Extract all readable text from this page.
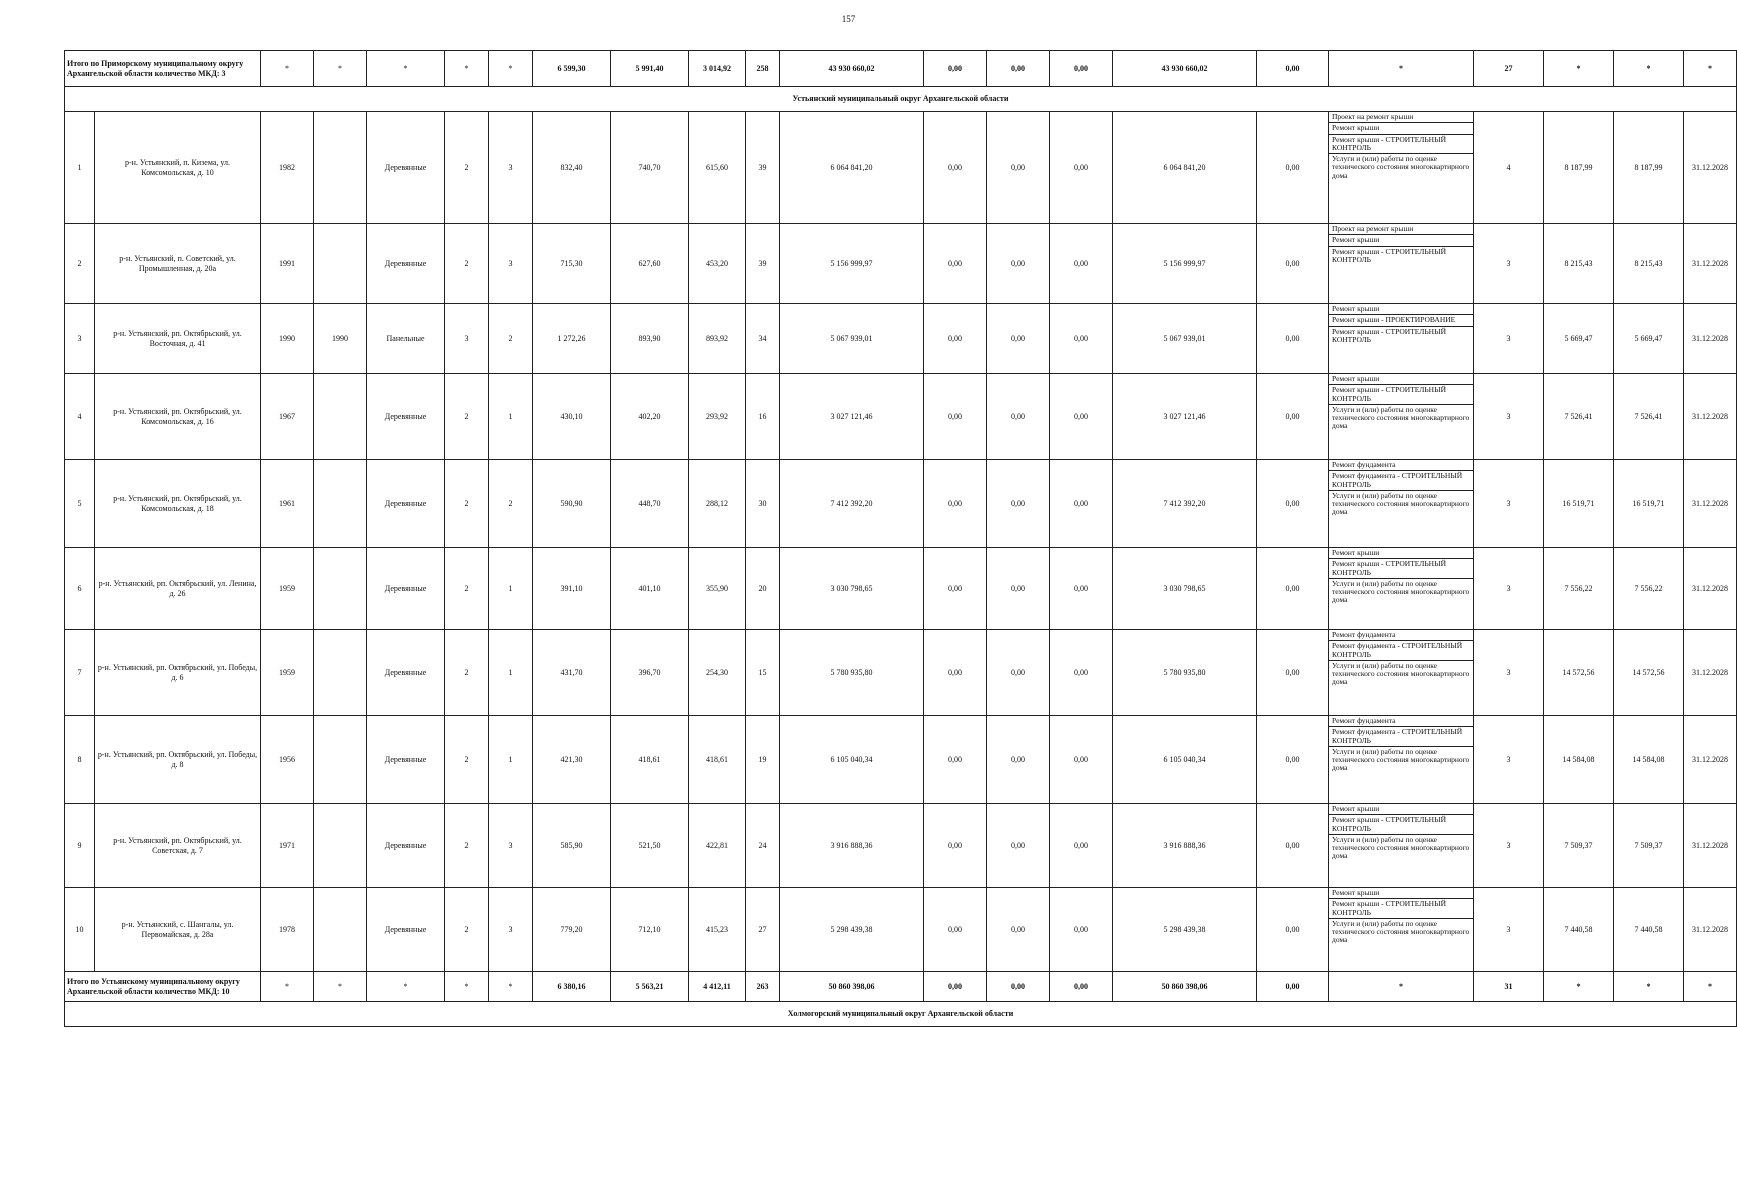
157
Итого по Приморскому муниципальному округу Архангельской области количество МКД: 3		*	*	*	*	*	6 599,30	5 991,40	3 014,92	258	43 930 660,02	0,00	0,00	0,00	43 930 660,02	0,00	*	27	*	*	*
Устьянский муниципальный округ Архангельской области																					
1	р-н. Устьянский, п. Кизема, ул. Комсомольская, д. 10	1982		Деревянные	2	3	832,40	740,70	615,60	39	6 064 841,20	0,00	0,00	0,00	6 064 841,20	0,00	Проект на ремонт крыши
Ремонт крыши
Ремонт крыши - СТРОИТЕЛЬНЫЙ КОНТРОЛЬ
Услуги и (или) работы по оценке технического состояния многоквартирного дома	4	8 187,99	8 187,99	31.12.2028
2	р-н. Устьянский, п. Советский, ул. Промышленная, д. 20а	1991		Деревянные	2	3	715,30	627,60	453,20	39	5 156 999,97	0,00	0,00	0,00	5 156 999,97	0,00	Проект на ремонт крыши
Ремонт крыши
Ремонт крыши - СТРОИТЕЛЬНЫЙ КОНТРОЛЬ	3	8 215,43	8 215,43	31.12.2028
3	р-н. Устьянский, рп. Октябрьский, ул. Восточная, д. 41	1990	1990	Панельные	3	2	1 272,26	893,90	893,92	34	5 067 939,01	0,00	0,00	0,00	5 067 939,01	0,00	Ремонт крыши
Ремонт крыши - ПРОЕКТИРОВАНИЕ
Ремонт крыши - СТРОИТЕЛЬНЫЙ КОНТРОЛЬ	3	5 669,47	5 669,47	31.12.2028
4	р-н. Устьянский, рп. Октябрьский, ул. Комсомольская, д. 16	1967		Деревянные	2	1	430,10	402,20	293,92	16	3 027 121,46	0,00	0,00	0,00	3 027 121,46	0,00	Ремонт крыши
Ремонт крыши - СТРОИТЕЛЬНЫЙ КОНТРОЛЬ
Услуги и (или) работы по оценке технического состояния многоквартирного дома	3	7 526,41	7 526,41	31.12.2028
5	р-н. Устьянский, рп. Октябрьский, ул. Комсомольская, д. 18	1961		Деревянные	2	2	590,90	448,70	288,12	30	7 412 392,20	0,00	0,00	0,00	7 412 392,20	0,00	Ремонт фундамента
Ремонт фундамента - СТРОИТЕЛЬНЫЙ КОНТРОЛЬ
Услуги и (или) работы по оценке технического состояния многоквартирного дома	3	16 519,71	16 519,71	31.12.2028
6	р-н. Устьянский, рп. Октябрьский, ул. Ленина, д. 26	1959		Деревянные	2	1	391,10	401,10	355,90	20	3 030 798,65	0,00	0,00	0,00	3 030 798,65	0,00	Ремонт крыши
Ремонт крыши - СТРОИТЕЛЬНЫЙ КОНТРОЛЬ
Услуги и (или) работы по оценке технического состояния многоквартирного дома	3	7 556,22	7 556,22	31.12.2028
7	р-н. Устьянский, рп. Октябрьский, ул. Победы, д. 6	1959		Деревянные	2	1	431,70	396,70	254,30	15	5 780 935,80	0,00	0,00	0,00	5 780 935,80	0,00	Ремонт фундамента
Ремонт фундамента - СТРОИТЕЛЬНЫЙ КОНТРОЛЬ
Услуги и (или) работы по оценке технического состояния многоквартирного дома	3	14 572,56	14 572,56	31.12.2028
8	р-н. Устьянский, рп. Октябрьский, ул. Победы, д. 8	1956		Деревянные	2	1	421,30	418,61	418,61	19	6 105 040,34	0,00	0,00	0,00	6 105 040,34	0,00	Ремонт фундамента
Ремонт фундамента - СТРОИТЕЛЬНЫЙ КОНТРОЛЬ
Услуги и (или) работы по оценке технического состояния многоквартирного дома	3	14 584,08	14 584,08	31.12.2028
9	р-н. Устьянский, рп. Октябрьский, ул. Советская, д. 7	1971		Деревянные	2	3	585,90	521,50	422,81	24	3 916 888,36	0,00	0,00	0,00	3 916 888,36	0,00	Ремонт крыши
Ремонт крыши - СТРОИТЕЛЬНЫЙ КОНТРОЛЬ
Услуги и (или) работы по оценке технического состояния многоквартирного дома	3	7 509,37	7 509,37	31.12.2028
10	р-н. Устьянский, с. Шангалы, ул. Первомайская, д. 28а	1978		Деревянные	2	3	779,20	712,10	415,23	27	5 298 439,38	0,00	0,00	0,00	5 298 439,38	0,00	Ремонт крыши
Ремонт крыши - СТРОИТЕЛЬНЫЙ КОНТРОЛЬ
Услуги и (или) работы по оценке технического состояния многоквартирного дома	3	7 440,58	7 440,58	31.12.2028
Итого по Устьянскому муниципальному округу Архангельской области количество МКД: 10		*	*	*	*	*	6 380,16	5 563,21	4 412,11	263	50 860 398,06	0,00	0,00	0,00	50 860 398,06	0,00	*	31	*	*	*
Холмогорский муниципальный округ Архангельской области																					
